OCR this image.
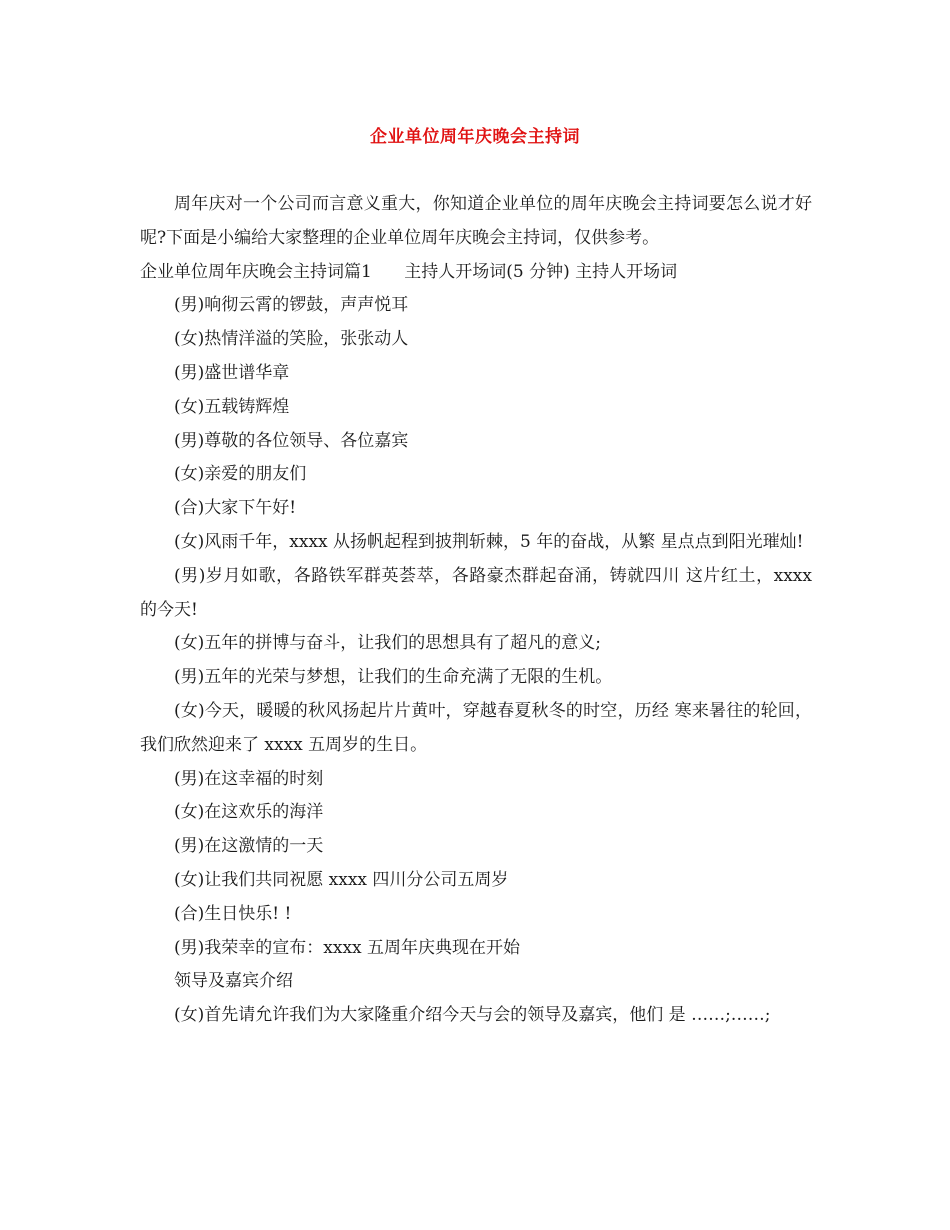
企业单位周年庆晚会主持词

周年庆对一个公司而言意义重大，你知道企业单位的周年庆晚会主持词要怎么说才好呢?下面是小编给大家整理的企业单位周年庆晚会主持词，仅供参考。

企业单位周年庆晚会主持词篇1      主持人开场词(5 分钟) 主持人开场词

(男)响彻云霄的锣鼓，声声悦耳

(女)热情洋溢的笑脸，张张动人

(男)盛世谱华章

(女)五载铸辉煌

(男)尊敬的各位领导、各位嘉宾

(女)亲爱的朋友们

(合)大家下午好!

(女)风雨千年，xxxx 从扬帆起程到披荆斩棘，5 年的奋战，从繁 星点点到阳光璀灿!

(男)岁月如歌，各路铁军群英荟萃，各路豪杰群起奋涌，铸就四川 这片红土，xxxx 的今天!

(女)五年的拼博与奋斗，让我们的思想具有了超凡的意义;

(男)五年的光荣与梦想，让我们的生命充满了无限的生机。

(女)今天，暖暖的秋风扬起片片黄叶，穿越春夏秋冬的时空，历经 寒来暑往的轮回，我们欣然迎来了 xxxx 五周岁的生日。

(男)在这幸福的时刻

(女)在这欢乐的海洋

(男)在这激情的一天

(女)让我们共同祝愿 xxxx 四川分公司五周岁

(合)生日快乐! !

(男)我荣幸的宣布：xxxx 五周年庆典现在开始

领导及嘉宾介绍

(女)首先请允许我们为大家隆重介绍今天与会的领导及嘉宾，他们 是 ……;……;
